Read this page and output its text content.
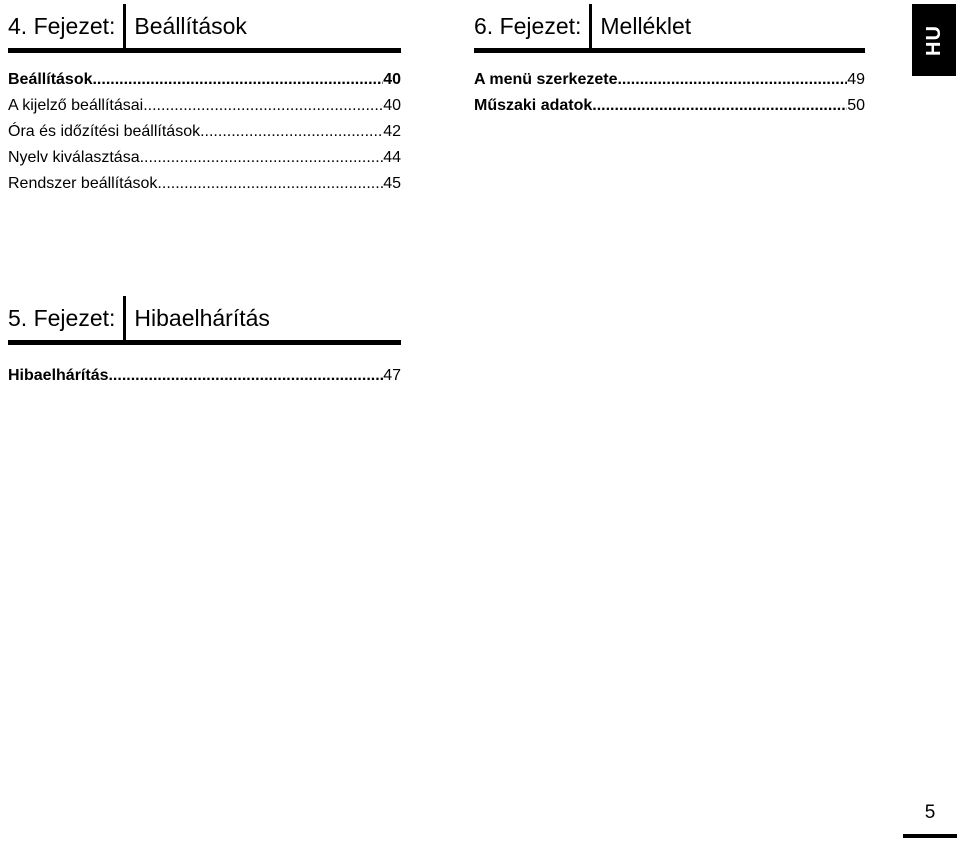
4. Fejezet: Beállítások
Beállítások .....	40
A kijelző beállításai .....	40
Óra és időzítési beállítások .....	42
Nyelv kiválasztása .....	44
Rendszer beállítások .....	45
6. Fejezet: Melléklet
A menü szerkezete .....	49
Műszaki adatok .....	50
5. Fejezet: Hibaelhárítás
Hibaelhárítás .....	47
HU
5
